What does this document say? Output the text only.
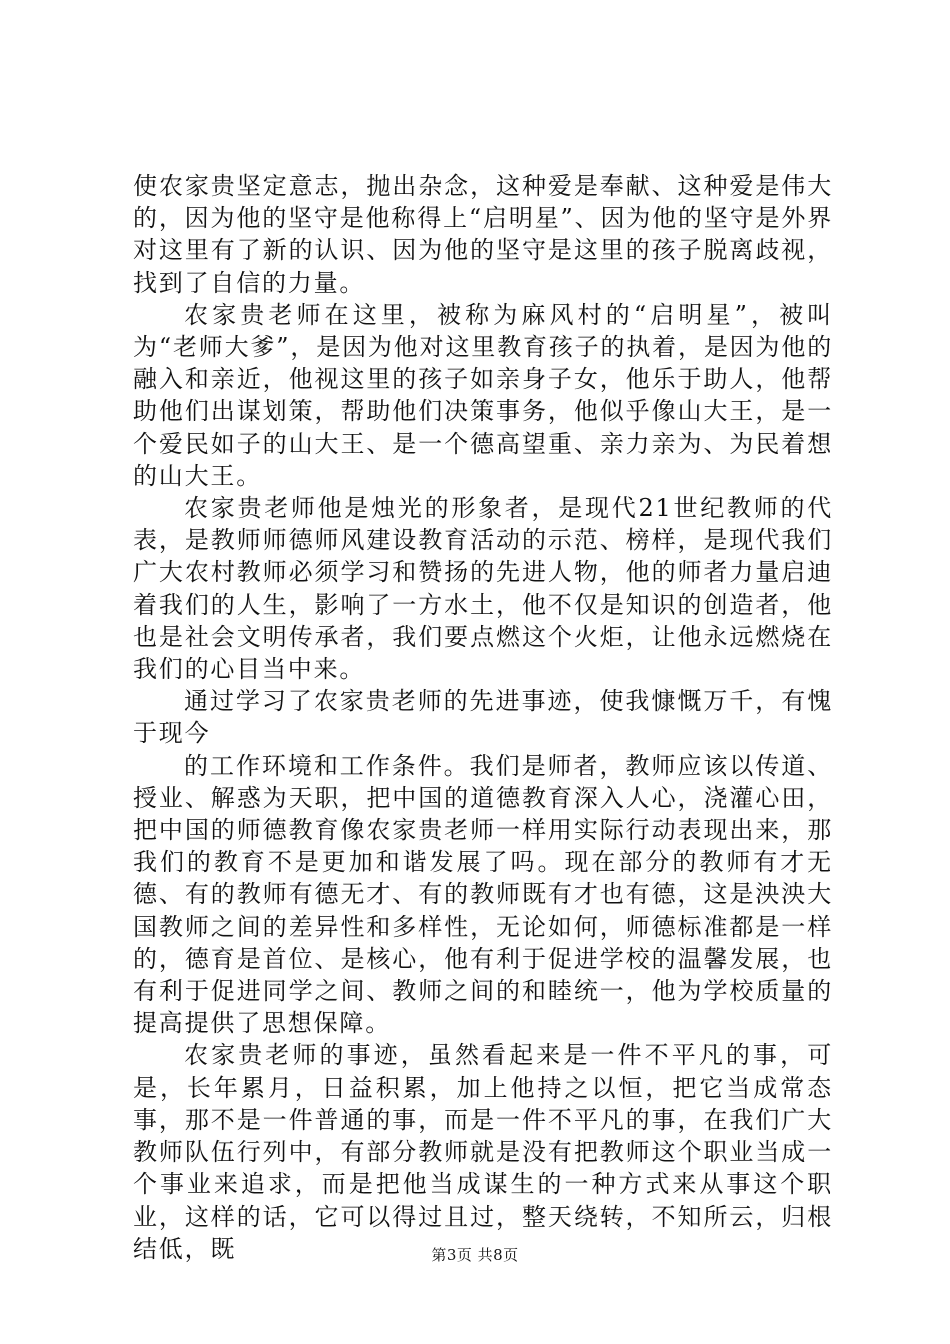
使农家贵坚定意志，抛出杂念，这种爱是奉献、这种爱是伟大的，因为他的坚守是他称得上“启明星”、因为他的坚守是外界对这里有了新的认识、因为他的坚守是这里的孩子脱离歧视，找到了自信的力量。

农家贵老师在这里，被称为麻风村的“启明星”，被叫为“老师大爹”，是因为他对这里教育孩子的执着，是因为他的融入和亲近，他视这里的孩子如亲身子女，他乐于助人，他帮助他们出谋划策，帮助他们决策事务，他似乎像山大王，是一个爱民如子的山大王、是一个德高望重、亲力亲为、为民着想的山大王。

农家贵老师他是烛光的形象者，是现代21世纪教师的代表，是教师师德师风建设教育活动的示范、榜样，是现代我们广大农村教师必须学习和赞扬的先进人物，他的师者力量启迪着我们的人生，影响了一方水土，他不仅是知识的创造者，他也是社会文明传承者，我们要点燃这个火炬，让他永远燃烧在我们的心目当中来。

通过学习了农家贵老师的先进事迹，使我慷慨万千，有愧于现今

的工作环境和工作条件。我们是师者，教师应该以传道、授业、解惑为天职，把中国的道德教育深入人心，浇灌心田，把中国的师德教育像农家贵老师一样用实际行动表现出来，那我们的教育不是更加和谐发展了吗。现在部分的教师有才无德、有的教师有德无才、有的教师既有才也有德，这是泱泱大国教师之间的差异性和多样性，无论如何，师德标准都是一样的，德育是首位、是核心，他有利于促进学校的温馨发展，也有利于促进同学之间、教师之间的和睦统一，他为学校质量的提高提供了思想保障。

农家贵老师的事迹，虽然看起来是一件不平凡的事，可是，长年累月，日益积累，加上他持之以恒，把它当成常态事，那不是一件普通的事，而是一件不平凡的事，在我们广大教师队伍行列中，有部分教师就是没有把教师这个职业当成一个事业来追求，而是把他当成谋生的一种方式来从事这个职业，这样的话，它可以得过且过，整天绕转，不知所云，归根结低，既	第3页 共8页
